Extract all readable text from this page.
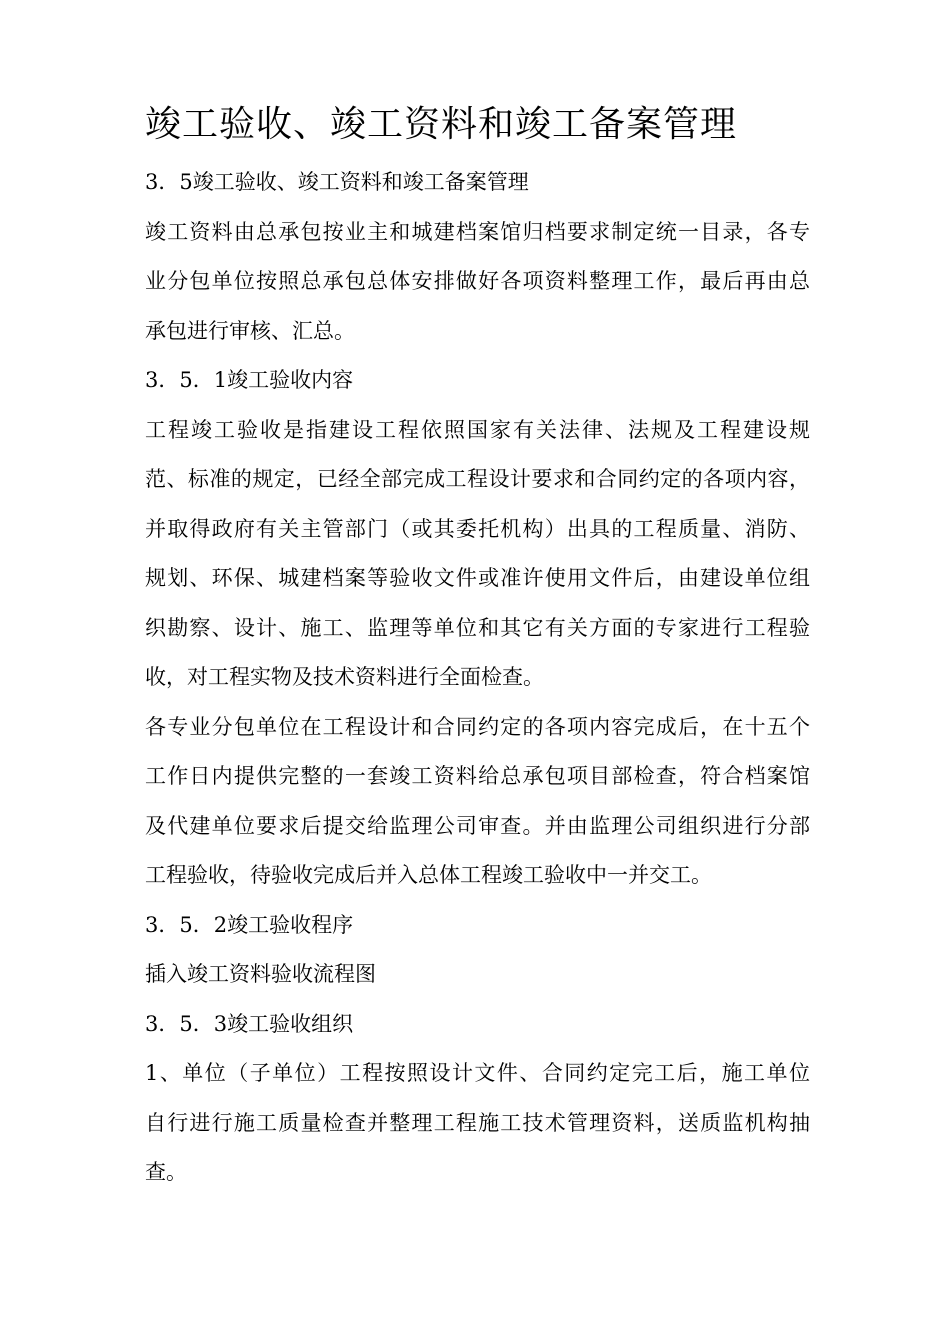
竣工验收、竣工资料和竣工备案管理

3．5竣工验收、竣工资料和竣工备案管理

竣工资料由总承包按业主和城建档案馆归档要求制定统一目录，各专
业分包单位按照总承包总体安排做好各项资料整理工作，最后再由总
承包进行审核、汇总。

3．5．1竣工验收内容

工程竣工验收是指建设工程依照国家有关法律、法规及工程建设规
范、标准的规定，已经全部完成工程设计要求和合同约定的各项内容，
并取得政府有关主管部门（或其委托机构）出具的工程质量、消防、
规划、环保、城建档案等验收文件或准许使用文件后，由建设单位组
织勘察、设计、施工、监理等单位和其它有关方面的专家进行工程验
收，对工程实物及技术资料进行全面检查。

各专业分包单位在工程设计和合同约定的各项内容完成后，在十五个
工作日内提供完整的一套竣工资料给总承包项目部检查，符合档案馆
及代建单位要求后提交给监理公司审查。并由监理公司组织进行分部
工程验收，待验收完成后并入总体工程竣工验收中一并交工。

3．5．2竣工验收程序

插入竣工资料验收流程图

3．5．3竣工验收组织

1、单位（子单位）工程按照设计文件、合同约定完工后，施工单位
自行进行施工质量检查并整理工程施工技术管理资料，送质监机构抽
查。
